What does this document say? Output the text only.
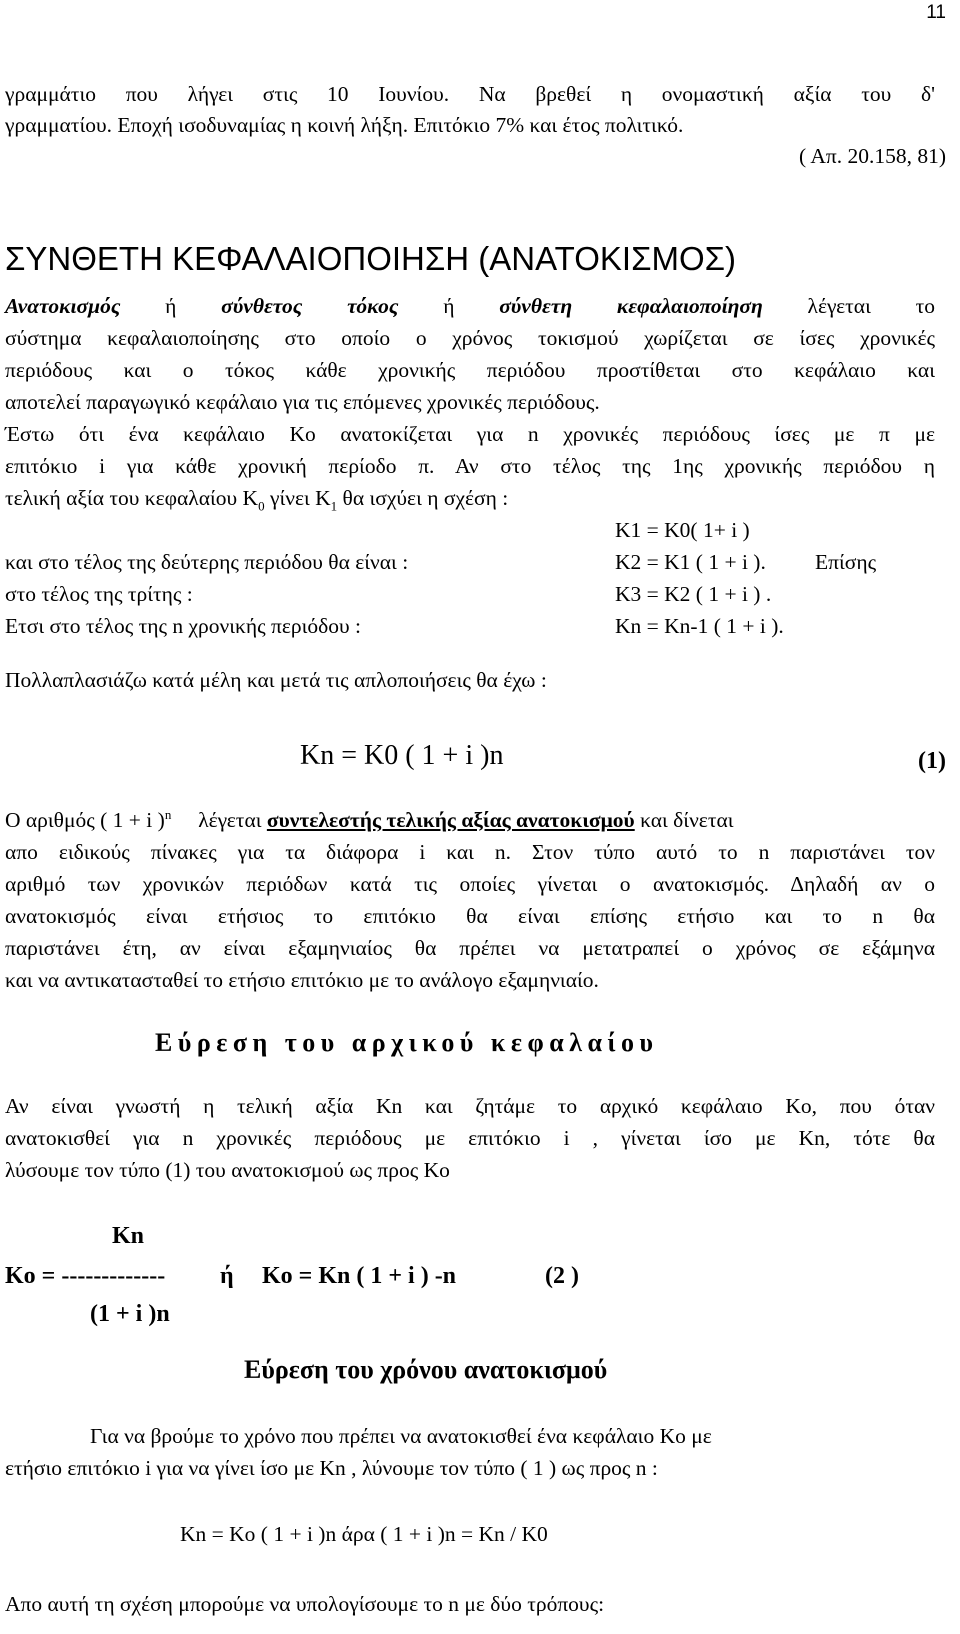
11
γραμμάτιο που λήγει στις 10 Ιουνίου. Να βρεθεί η ονομαστική αξία του δ'
γραμματίου. Εποχή ισοδυναμίας η κοινή λήξη. Επιτόκιο 7% και έτος πολιτικό.
( Απ. 20.158, 81)
ΣΥΝΘΕΤΗ ΚΕΦΑΛΑΙΟΠΟΙΗΣΗ (ΑΝΑΤΟΚΙΣΜΟΣ)
Ανατοκισμός ή σύνθετος τόκος ή σύνθετη κεφαλαιοποίηση λέγεται το
σύστημα κεφαλαιοποίησης στο οποίο ο χρόνος τοκισμού χωρίζεται σε ίσες χρονικές
περιόδους και ο τόκος κάθε χρονικής περιόδου προστίθεται στο κεφάλαιο και
αποτελεί παραγωγικό κεφάλαιο για τις επόμενες χρονικές περιόδους.
Έστω ότι ένα κεφάλαιο Κο ανατοκίζεται για n χρονικές περιόδους ίσες με π με
επιτόκιο i για κάθε χρονική περίοδο π. Αν στο τέλος της 1ης χρονικής περιόδου η
τελική αξία του κεφαλαίου $K_0$ γίνει $K_1$ θα ισχύει η σχέση :
Κ1 = Κ0( 1+ i )
και στο τέλος της δεύτερης περιόδου θα είναι :	Κ2 = Κ1 ( 1 + i ). Επίσης
στο τέλος της τρίτης :	Κ3 = Κ2 ( 1 + i ) .
Ετσι στο τέλος της n χρονικής περιόδου :	Κn = Κn-1 ( 1 + i ).
Πολλαπλασιάζω κατά μέλη και μετά τις απλοποιήσεις θα έχω :
Κn = Κ0 ( 1 + i )n	(1)
Ο αριθμός ( 1 + i )$^n$ λέγεται συντελεστής τελικής αξίας ανατοκισμού και δίνεται
απο ειδικούς πίνακες για τα διάφορα i και n. Στον τύπο αυτό το n παριστάνει τον
αριθμό των χρονικών περιόδων κατά τις οποίες γίνεται ο ανατοκισμός. Δηλαδή αν ο
ανατοκισμός είναι ετήσιος το επιτόκιο θα είναι επίσης ετήσιο και το n θα
παριστάνει έτη, αν είναι εξαμηνιαίος θα πρέπει να μετατραπεί ο χρόνος σε εξάμηνα
και να αντικατασταθεί το ετήσιο επιτόκιο με το ανάλογο εξαμηνιαίο.
Εύρεση του αρχικού κεφαλαίου
Αν είναι γνωστή η τελική αξία Κn και ζητάμε το αρχικό κεφάλαιο Κο, που όταν
ανατοκισθεί για n χρονικές περιόδους με επιτόκιο i , γίνεται ίσο με Κn, τότε θα
λύσουμε τον τύπο (1) του ανατοκισμού ως προς Κο
Κn
Κo = ------------- ή Κo = Κn ( 1 + i ) -n	(2 )
(1 + i )n
Εύρεση του χρόνου ανατοκισμού
Για να βρούμε το χρόνο που πρέπει να ανατοκισθεί ένα κεφάλαιο Κο με
ετήσιο επιτόκιο i για να γίνει ίσο με Κn , λύνουμε τον τύπο ( 1 ) ως προς n :
Κn = Κo ( 1 + i )n άρα ( 1 + i )n = Κn / Κ0
Απο αυτή τη σχέση μπορούμε να υπολογίσουμε το n με δύο τρόπους:
